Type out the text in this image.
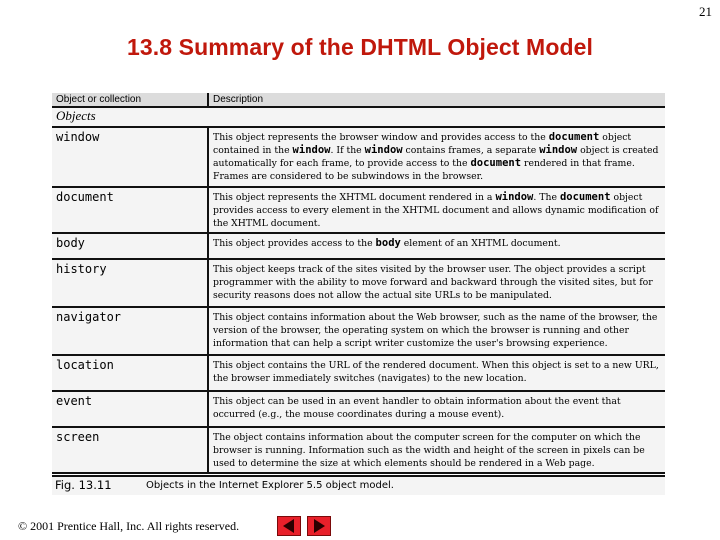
21
13.8 Summary of the DHTML Object Model
Object or collection	Description
Objects	

window	This object represents the browser window and provides access to the document object contained in the window. If the window contains frames, a separate window object is created automatically for each frame, to provide access to the document rendered in that frame. Frames are considered to be subwindows in the browser.

document	This object represents the XHTML document rendered in a window. The document object provides access to every element in the XHTML document and allows dynamic modification of the XHTML document.

body	This object provides access to the body element of an XHTML document.

history	This object keeps track of the sites visited by the browser user. The object provides a script programmer with the ability to move forward and backward through the visited sites, but for security reasons does not allow the actual site URLs to be manipulated.

navigator	This object contains information about the Web browser, such as the name of the browser, the version of the browser, the operating system on which the browser is running and other information that can help a script writer customize the user's browsing experience.

location	This object contains the URL of the rendered document. When this object is set to a new URL, the browser immediately switches (navigates) to the new location.

event	This object can be used in an event handler to obtain information about the event that occurred (e.g., the mouse coordinates during a mouse event).

screen	The object contains information about the computer screen for the computer on which the browser is running. Information such as the width and height of the screen in pixels can be used to determine the size at which elements should be rendered in a Web page.
Fig. 13.11	Objects in the Internet Explorer 5.5 object model.
© 2001 Prentice Hall, Inc. All rights reserved.
